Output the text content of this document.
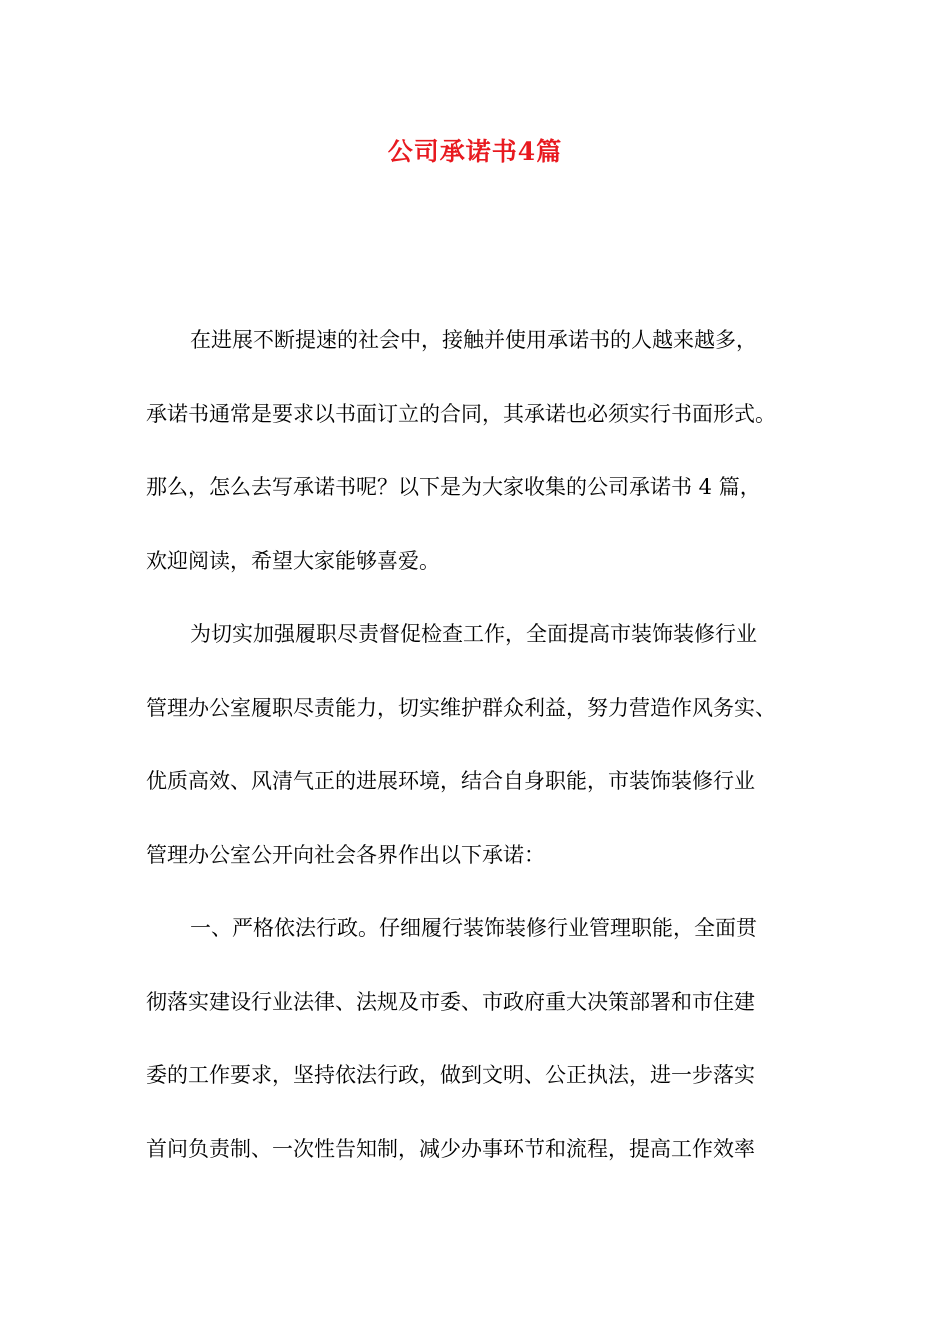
公司承诺书4篇
在进展不断提速的社会中，接触并使用承诺书的人越来越多，
承诺书通常是要求以书面订立的合同，其承诺也必须实行书面形式。
那么，怎么去写承诺书呢？以下是为大家收集的公司承诺书 4 篇，
欢迎阅读，希望大家能够喜爱。
为切实加强履职尽责督促检查工作，全面提高市装饰装修行业
管理办公室履职尽责能力，切实维护群众利益，努力营造作风务实、
优质高效、风清气正的进展环境，结合自身职能，市装饰装修行业
管理办公室公开向社会各界作出以下承诺：
一、严格依法行政。仔细履行装饰装修行业管理职能，全面贯
彻落实建设行业法律、法规及市委、市政府重大决策部署和市住建
委的工作要求，坚持依法行政，做到文明、公正执法，进一步落实
首问负责制、一次性告知制，减少办事环节和流程，提高工作效率
